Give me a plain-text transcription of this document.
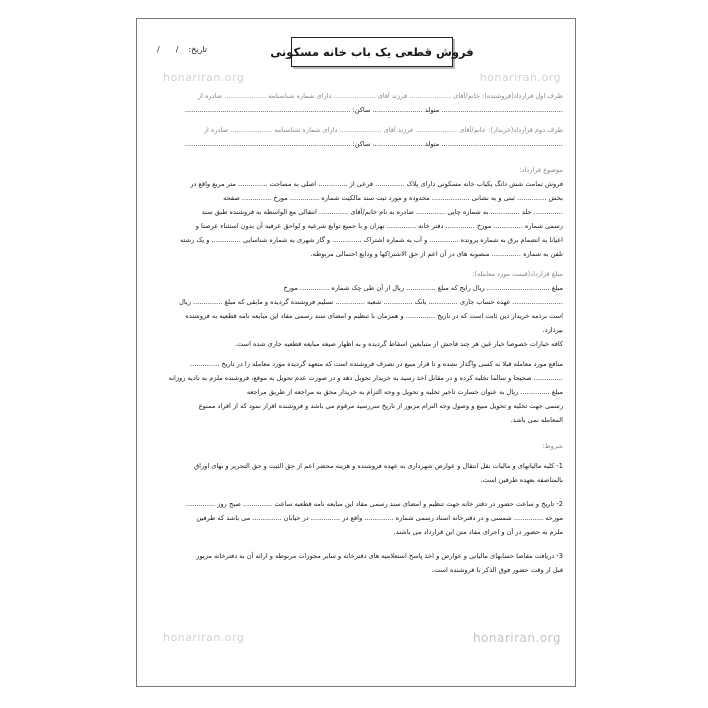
فروش قطعی یک باب خانه مسکونی
تاریخ:
/
/
honariran.org	honariran.org
honariran.org	honariran.org
طرف اول قرارداد(فروشنده): خانم/آقای .................... فرزند آقای .................... دارای شماره شناسنامه .................... صادره از
.......................................................... متولد ........................ ساکن: ...............................................................................
طرف دوم قرارداد(خریدار): خانم/آقای .................... فرزند آقای .................... دارای شماره شناسنامه .................... صادره از
.......................................................... متولد ........................ ساکن: ...............................................................................
موضوع قرارداد:
فروش تمامت شش دانگ یکباب خانه مسکونی دارای پلاک .............. فرعی از .............. اصلی به مساحت .............. متر مربع واقع در
بخش .............. ثبتی و به نشانی .................. محدوده و مورد ثبت سند مالکیت شماره .............. مورخ .............. صفحه
.............. جلد .............. به شماره چاپی .............. صادره به نام خانم/آقای .............. انتقالی مع الواسطه به فروشنده طبق سند
رسمی شماره .............. مورخ .............. دفتر خانه .............. تهران و با جمیع توابع شرعیه و لواحق عرفیه آن بدون استثناء عرصتا و
اعیانا به انضمام برق به شماره پرونده .............. و آب به شماره اشتراک .............. و گاز شهری به شماره شناسایی .............. و یک رشته
تلفن به شماره .............. منصوبه های در آن اعم از حق الاشتراکها و ودایع احتمالی مربوطه.
مبلغ قرارداد(قیمت مورد معامله):
مبلغ .............................. ریال رایج که مبلغ .............. ریال از آن طی چک شماره .............. مورخ
........................ عهده حساب جاری .............. بانک .............. شعبه .............. تسلیم فروشنده گردیده و مابقی که مبلغ .............. ریال
است برذمه خریدار دین ثابت است که در تاریخ .............. و همزمان با تنظیم و امضای سند رسمی مفاد این مبایعه نامه قطعیه به فروشنده
بپردازد.
کافه خیارات خصوصا خیار غبن هر چند فاحش از متبایعین اسقاط گردیده و به اظهار صیغه مبایعه قطعیه جاری شده است.
منافع مورد معامله قبلا به کسی واگذار نشده و تا قرار مبیع در تصرف فروشنده است که متعهد گردیده مورد معامله را در تاریخ ..............
.............. صحیحا و سالما تخلیه کرده و در مقابل اخذ رسید به خریدار تحویل دهد و در صورت عدم تحویل به موقع، فروشنده ملزم به تادیه روزانه
مبلغ .............. ریال به عنوان خسارت تاخیر تخلیه و تحویل و وجه التزام به خریدار محق به مراجعه از طریق مراجعه
رسمی جهت تخلیه و تحویل مبیع و وصول وجه التزام مزبور از تاریخ سررسید مرقوم می باشد و فروشنده اقرار نمود که از افراد ممنوع
المعامله نمی باشد.
شروط:
1- کلیه مالیاتهای و مالیات نقل انتقال و عوارض شهرداری به عهده فروشنده و هزینه محضر اعم از حق الثبت و حق التحریر و بهای اوراق
بالمناصفه بعهده طرفین است.
2- تاریخ و ساعت حضور در دفتر خانه جهت تنظیم و امضای سند رسمی مفاد این مبایعه نامه قطعیه ساعت .............. صبح روز ..............
مورخه .............. شمسی و در دفترخانه اسناد رسمی شماره .............. واقع در .............. در خیابان .............. می باشد که طرفین
ملزم به حضور در آن و اجرای مفاد متن این قرارداد می باشند.
3- دریافت مفاصا حسابهای مالیاتی و عوارض و اخذ پاسخ استعلامیه های دفترخانه و سایر مجوزات مربوطه و ارائه آن به دفترخانه مزبور
قبل از وقت حضور فوق الذکر با فروشنده است.
